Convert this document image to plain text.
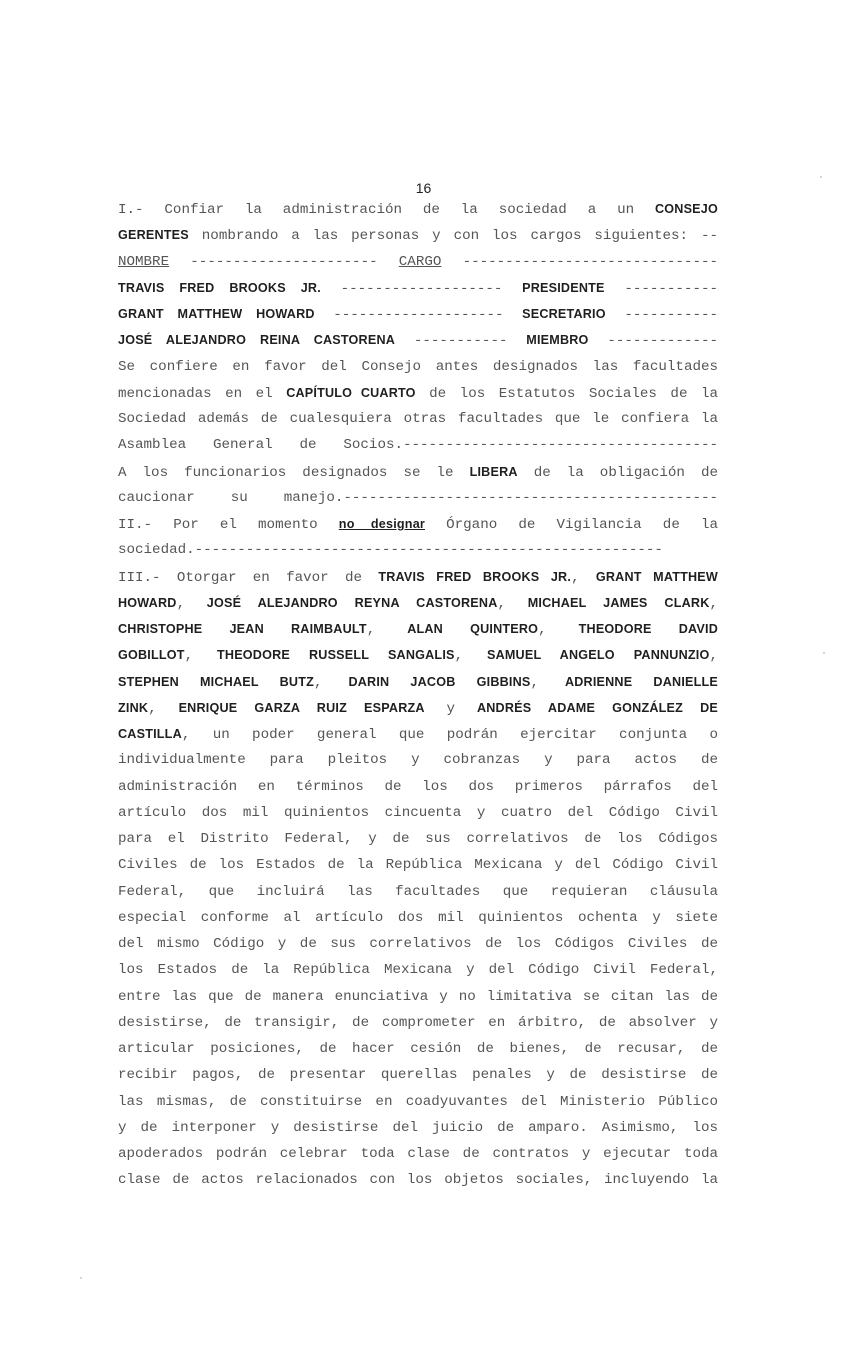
16
I.- Confiar la administración de la sociedad a un CONSEJO
GERENTES nombrando a las personas y con los cargos siguientes: --
NOMBRE ---------------------- CARGO ------------------------------
TRAVIS FRED BROOKS JR. ------------------- PRESIDENTE -----------
GRANT MATTHEW HOWARD -------------------- SECRETARIO -----------
JOSÉ ALEJANDRO REINA CASTORENA ----------- MIEMBRO -------------
Se confiere en favor del Consejo antes designados las facultades
mencionadas en el CAPÍTULO CUARTO de los Estatutos Sociales de la
Sociedad además de cualesquiera otras facultades que le confiera la
Asamblea General de Socios.-------------------------------------
A los funcionarios designados se le LIBERA de la obligación de
caucionar su manejo.--------------------------------------------
II.- Por el momento no designar Órgano de Vigilancia de la
sociedad.-------------------------------------------------------
III.- Otorgar en favor de TRAVIS FRED BROOKS JR., GRANT MATTHEW
HOWARD, JOSÉ ALEJANDRO REYNA CASTORENA, MICHAEL JAMES CLARK,
CHRISTOPHE JEAN RAIMBAULT, ALAN QUINTERO, THEODORE DAVID
GOBILLOT, THEODORE RUSSELL SANGALIS, SAMUEL ANGELO PANNUNZIO,
STEPHEN MICHAEL BUTZ, DARIN JACOB GIBBINS, ADRIENNE DANIELLE
ZINK, ENRIQUE GARZA RUIZ ESPARZA y ANDRÉS ADAME GONZÁLEZ DE
CASTILLA, un poder general que podrán ejercitar conjunta o
individualmente para pleitos y cobranzas y para actos de
administración en términos de los dos primeros párrafos del
artículo dos mil quinientos cincuenta y cuatro del Código Civil
para el Distrito Federal, y de sus correlativos de los Códigos
Civiles de los Estados de la República Mexicana y del Código Civil
Federal, que incluirá las facultades que requieran cláusula
especial conforme al artículo dos mil quinientos ochenta y siete
del mismo Código y de sus correlativos de los Códigos Civiles de
los Estados de la República Mexicana y del Código Civil Federal,
entre las que de manera enunciativa y no limitativa se citan las de
desistirse, de transigir, de comprometer en árbitro, de absolver y
articular posiciones, de hacer cesión de bienes, de recusar, de
recibir pagos, de presentar querellas penales y de desistirse de
las mismas, de constituirse en coadyuvantes del Ministerio Público
y de interponer y desistirse del juicio de amparo. Asimismo, los
apoderados podrán celebrar toda clase de contratos y ejecutar toda
clase de actos relacionados con los objetos sociales, incluyendo la
